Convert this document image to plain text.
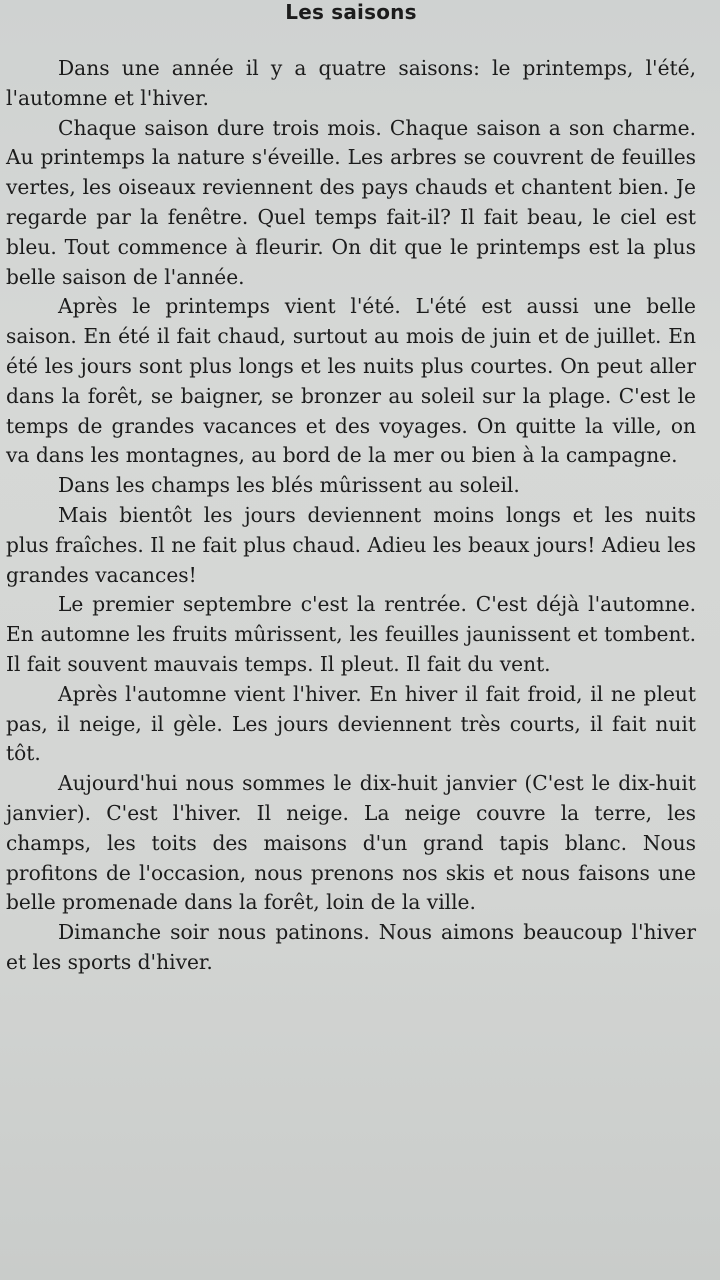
Les saisons

Dans une année il y a quatre saisons: le printemps, l'été, l'automne et l'hiver.

Chaque saison dure trois mois. Chaque saison a son charme. Au printemps la nature s'éveille. Les arbres se couvrent de feuilles vertes, les oiseaux reviennent des pays chauds et chantent bien. Je regarde par la fenêtre. Quel temps fait-il? Il fait beau, le ciel est bleu. Tout commence à fleurir. On dit que le printemps est la plus belle saison de l'année.

Après le printemps vient l'été. L'été est aussi une belle saison. En été il fait chaud, surtout au mois de juin et de juillet. En été les jours sont plus longs et les nuits plus courtes. On peut aller dans la forêt, se baigner, se bronzer au soleil sur la plage. C'est le temps de grandes vacances et des voyages. On quitte la ville, on va dans les montagnes, au bord de la mer ou bien à la campagne.

Dans les champs les blés mûrissent au soleil.

Mais bientôt les jours deviennent moins longs et les nuits plus fraîches. Il ne fait plus chaud. Adieu les beaux jours! Adieu les grandes vacances!

Le premier septembre c'est la rentrée. C'est déjà l'automne. En automne les fruits mûrissent, les feuilles jaunissent et tombent. Il fait souvent mauvais temps. Il pleut. Il fait du vent.

Après l'automne vient l'hiver. En hiver il fait froid, il ne pleut pas, il neige, il gèle. Les jours deviennent très courts, il fait nuit tôt.

Aujourd'hui nous sommes le dix-huit janvier (C'est le dix-huit janvier). C'est l'hiver. Il neige. La neige couvre la terre, les champs, les toits des maisons d'un grand tapis blanc. Nous profitons de l'occasion, nous prenons nos skis et nous faisons une belle promenade dans la forêt, loin de la ville.

Dimanche soir nous patinons. Nous aimons beaucoup l'hiver et les sports d'hiver.
